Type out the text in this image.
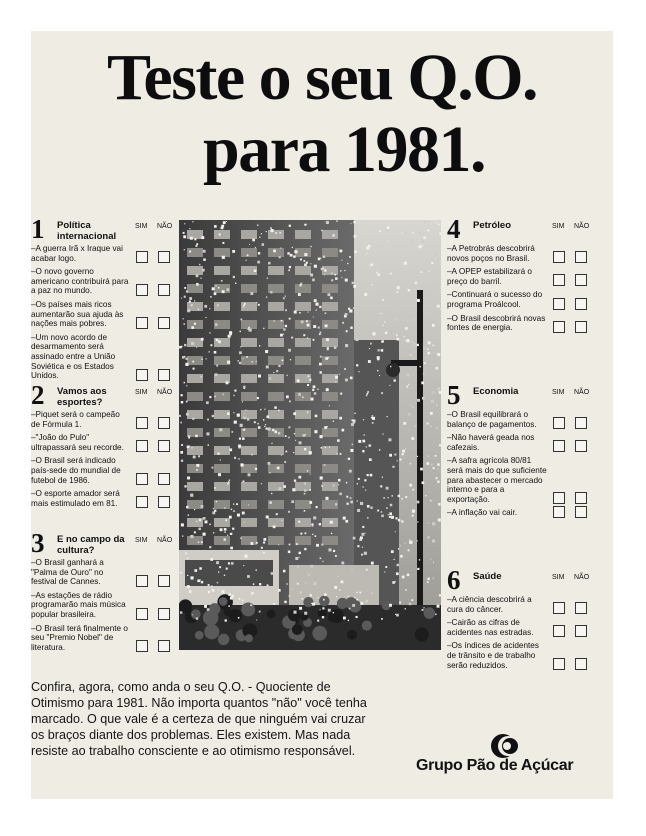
Teste o seu Q.O.
para 1981.
1 Política internacional
SIM NÃO
–A guerra Irã x Iraque vai acabar logo.
–O novo governo americano contribuirá para a paz no mundo.
–Os países mais ricos aumentarão sua ajuda às nações mais pobres.
–Um novo acordo de desarmamento será assinado entre a União Soviética e os Estados Unidos.
2 Vamos aos esportes?
SIM NÃO
–Piquet será o campeão de Fórmula 1.
–"João do Pulo" ultrapassará seu recorde.
–O Brasil será indicado país-sede do mundial de futebol de 1986.
–O esporte amador será mais estimulado em 81.
3 E no campo da cultura?
SIM NÃO
–O Brasil ganhará a "Palma de Ouro" no festival de Cannes.
–As estações de rádio programarão mais música popular brasileira.
–O Brasil terá finalmente o seu "Premio Nobel" de literatura.
4 Petróleo	SIM NÃO
–A Petrobrás descobrirá novos poços no Brasil.
–A OPEP estabilizará o preço do barril.
–Continuará o sucesso do programa Proálcool.
–O Brasil descobrirá novas fontes de energia.
5 Economia	SIM NÃO
–O Brasil equilibrará o balanço de pagamentos.
–Não haverá geada nos cafezais.
–A safra agrícola 80/81 será mais do que suficiente para abastecer o mercado interno e para a exportação.
–A inflação vai cair.
6 Saúde	SIM NÃO
–A ciência descobrirá a cura do câncer.
–Cairão as cifras de acidentes nas estradas.
–Os índices de acidentes de trânsito e de trabalho serão reduzidos.
Confira, agora, como anda o seu Q.O. - Quociente de Otimismo para 1981. Não importa quantos "não" você tenha marcado. O que vale é a certeza de que ninguém vai cruzar os braços diante dos problemas. Eles existem. Mas nada resiste ao trabalho consciente e ao otimismo responsável.
Grupo Pão de Açúcar
